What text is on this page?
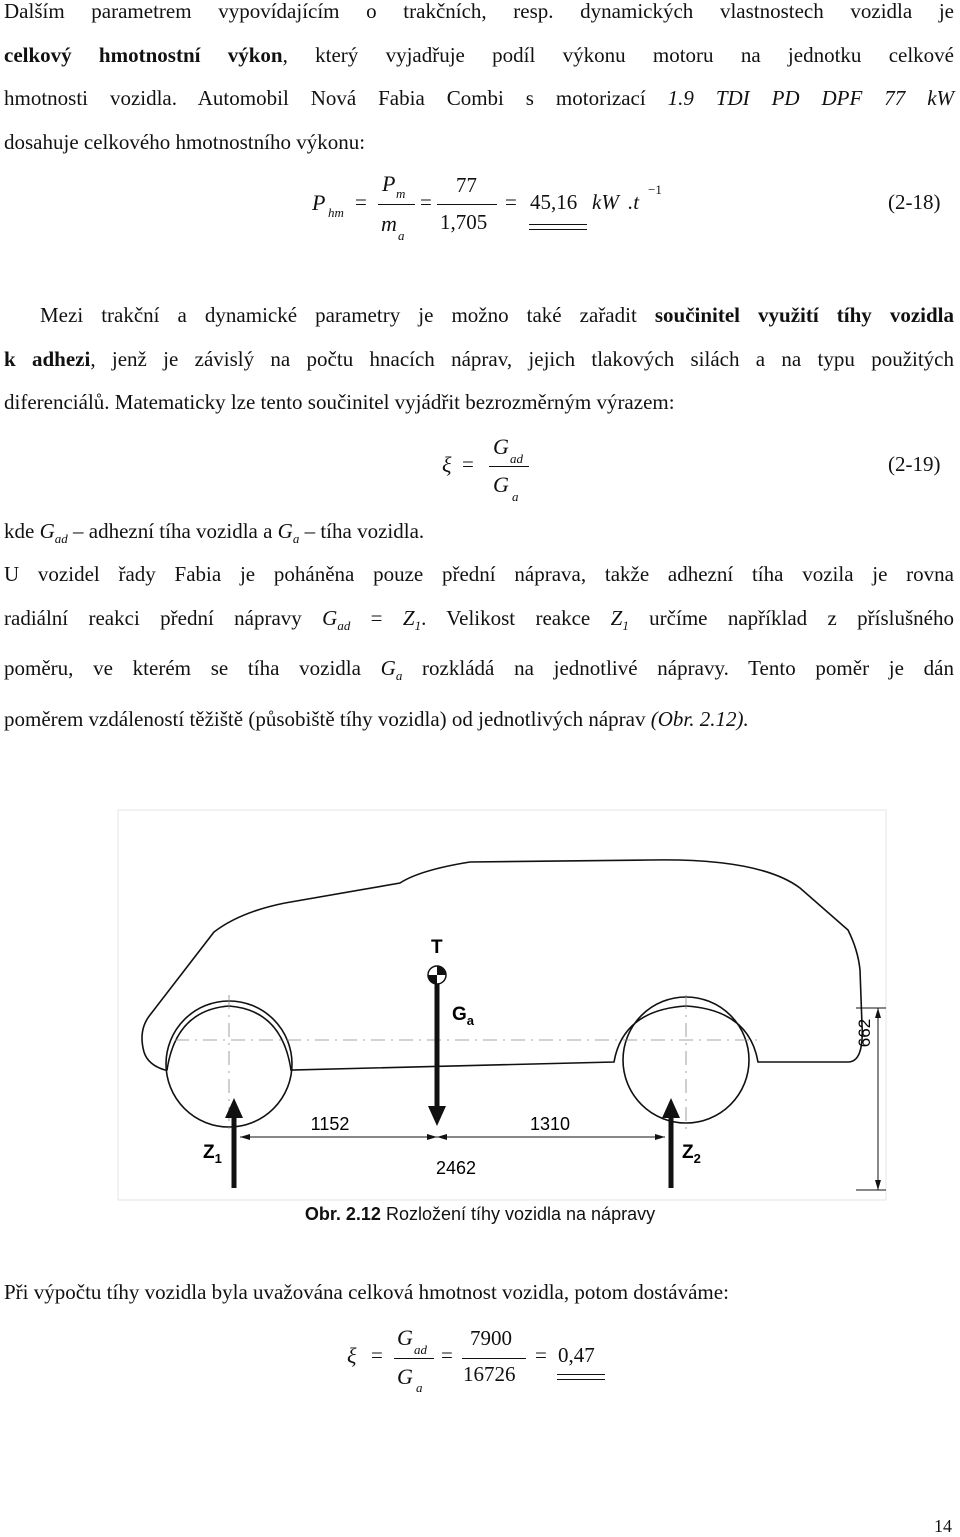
Dalším parametrem vypovídajícím o trakčních, resp. dynamických vlastnostech vozidla je
celkový hmotnostní výkon, který vyjadřuje podíl výkonu motoru na jednotku celkové
hmotnosti vozidla. Automobil Nová Fabia Combi s motorizací 1.9 TDI PD DPF 77 kW
dosahuje celkového hmotnostního výkonu:
P hm =
P m
m a
=
77
1,705
= 45,16 kW .t
−1
(2-18)
Mezi trakční a dynamické parametry je možno také zařadit součinitel využití tíhy vozidla
k adhezi, jenž je závislý na počtu hnacích náprav, jejich tlakových silách a na typu použitých
diferenciálů. Matematicky lze tento součinitel vyjádřit bezrozměrným výrazem:
ξ =
G ad
G a
(2-19)
kde $G_{ad}$ – adhezní tíha vozidla a $G_a$ – tíha vozidla.
U vozidel řady Fabia je poháněna pouze přední náprava, takže adhezní tíha vozila je rovna
radiální reakci přední nápravy $G_{ad} = Z_1$. Velikost reakce $Z_1$ určíme například z příslušného
poměru, ve kterém se tíha vozidla $G_a$ rozkládá na jednotlivé nápravy. Tento poměr je dán
poměrem vzdáleností těžiště (působiště tíhy vozidla) od jednotlivých náprav (Obr. 2.12).
T
$G_a$	662
1152	1310
2462
$Z_1$	$Z_2$
Obr. 2.12 Rozložení tíhy vozidla na nápravy
Při výpočtu tíhy vozidla byla uvažována celková hmotnost vozidla, potom dostáváme:
ξ =
G ad
G a
=
7900
16726
= 0,47
14
